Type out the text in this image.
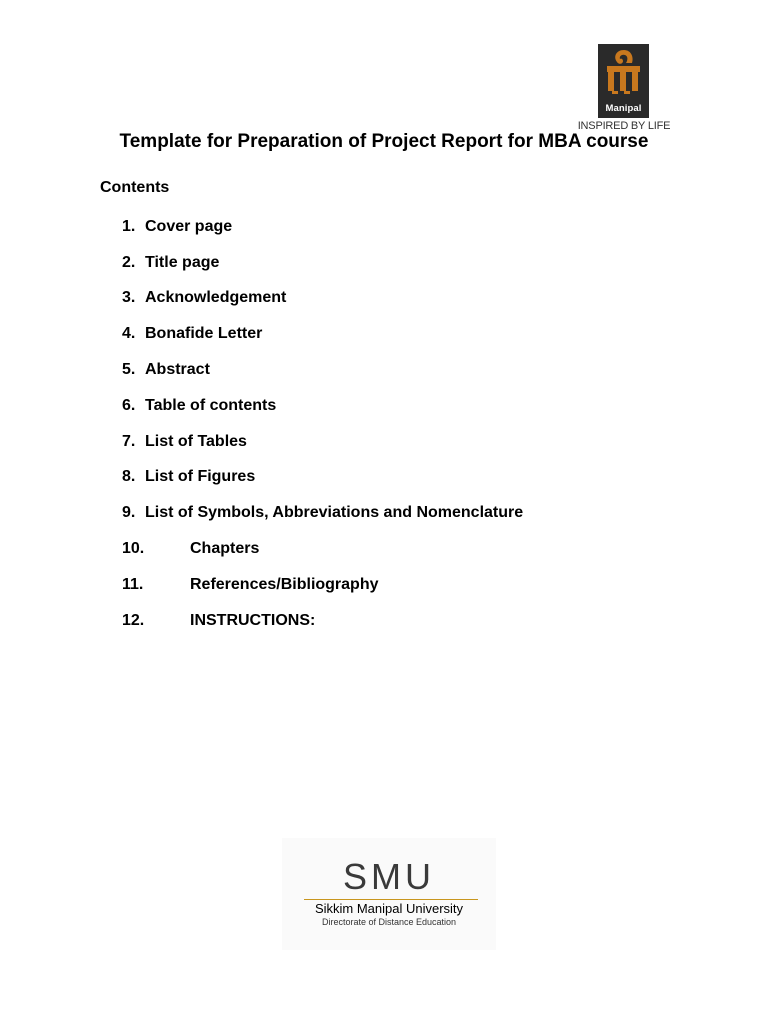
Manipal
INSPIRED BY LIFE
Template for Preparation of Project Report for MBA course
Contents
1. Cover page
2. Title page
3. Acknowledgement
4. Bonafide Letter
5. Abstract
6. Table of contents
7. List of Tables
8. List of Figures
9. List of Symbols, Abbreviations and Nomenclature
10.	Chapters
11.	References/Bibliography
12.	INSTRUCTIONS:
SMU
Sikkim Manipal University
Directorate of Distance Education
